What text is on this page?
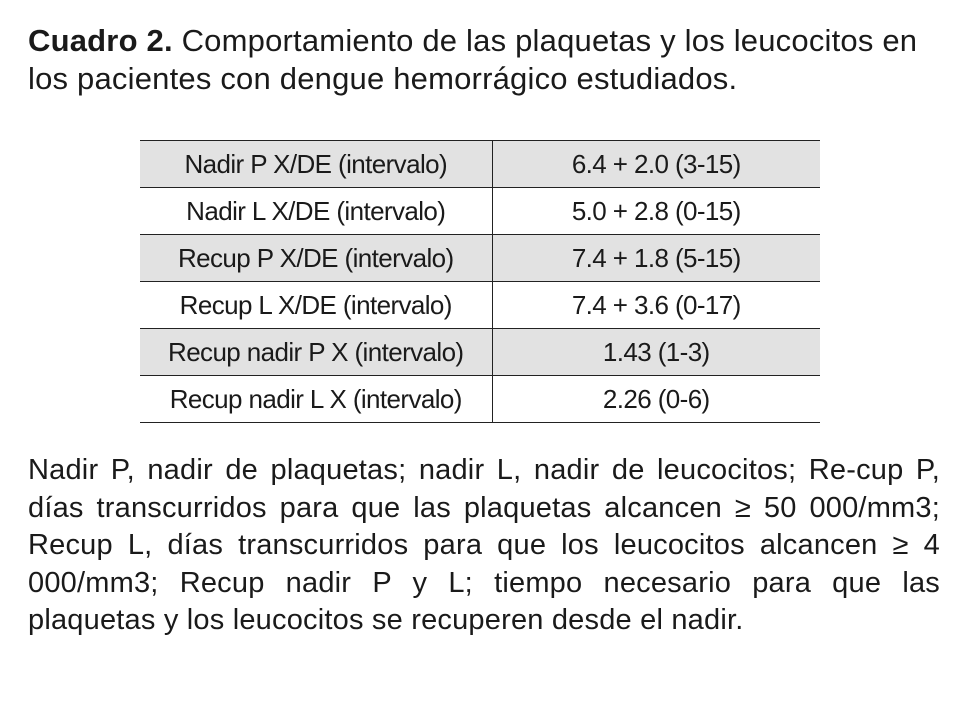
Cuadro 2. Comportamiento de las plaquetas y los leucocitos en los pacientes con dengue hemorrágico estudiados.
Nadir P X/DE (intervalo)	6.4 + 2.0 (3-15)
Nadir L X/DE (intervalo)	5.0 + 2.8 (0-15)
Recup P X/DE (intervalo)	7.4 + 1.8 (5-15)
Recup L X/DE (intervalo)	7.4 + 3.6 (0-17)
Recup nadir P X (intervalo)	1.43 (1-3)
Recup nadir L X (intervalo)	2.26 (0-6)
Nadir P, nadir de plaquetas; nadir L, nadir de leucocitos; Re-cup P, días transcurridos para que las plaquetas alcancen ≥ 50 000/mm3; Recup L, días transcurridos para que los leucocitos alcancen ≥ 4 000/mm3; Recup nadir P y L; tiempo necesario para que las plaquetas y los leucocitos se recuperen desde el nadir.
